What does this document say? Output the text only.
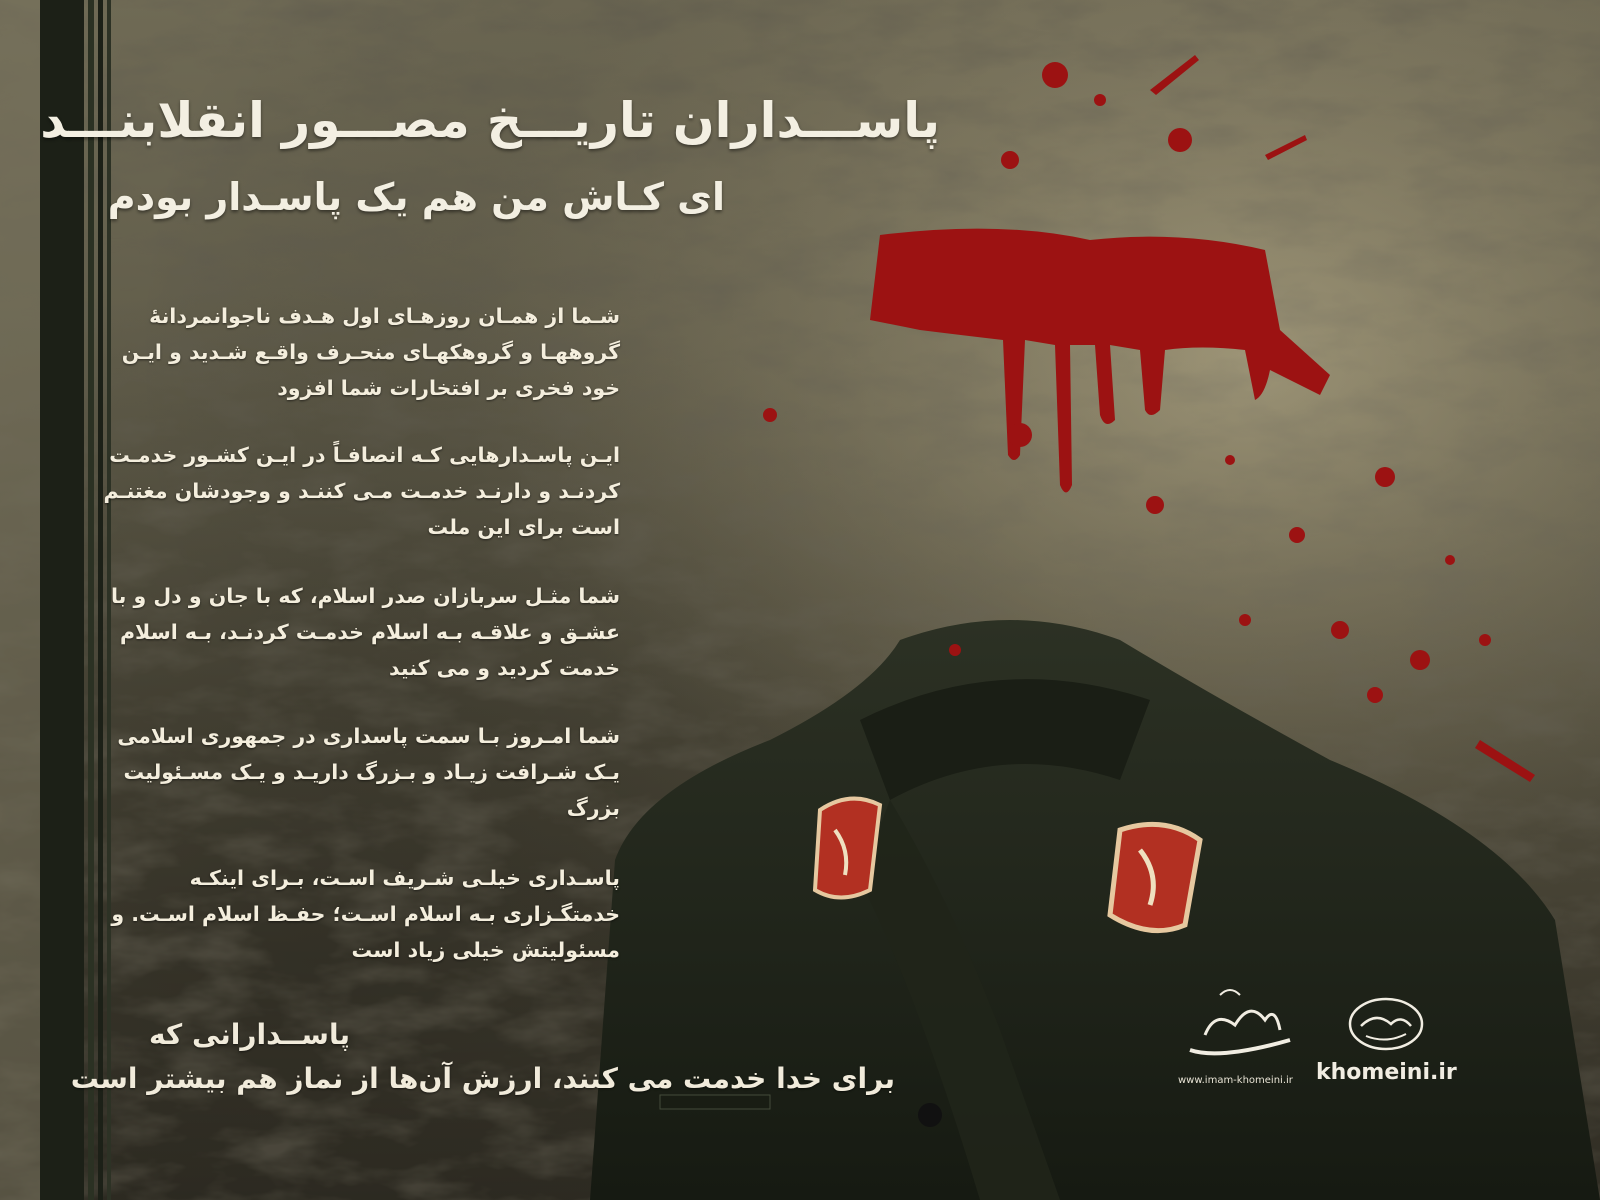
پاســـداران تاریـــخ مصـــور انقلابنـــد
ای کـاش من هم یک پاسـدار بودم
شـما از همـان روزهـای اول هـدف ناجوانمردانۀ
گروههـا و گروهکهـای منحـرف واقـع شـدید و ایـن
خود فخری بر افتخارات شما افزود
ایـن پاسـدارهایی کـه انصافـاً در ایـن کشـور خدمـت
کردنـد و دارنـد خدمـت مـی کننـد و وجودشان مغتنـم
است برای این ملت
شما مثـل سربازان صدر اسلام، که با جان و دل و با
عشـق و علاقـه بـه اسلام خدمـت کردنـد، بـه اسلام
خدمت کردید و می کنید
شما امـروز بـا سمت پاسداری در جمهوری اسلامی
یـک شـرافت زیـاد و بـزرگ داریـد و یـک مسـئولیت
بزرگ
پاسـداری خیلـی شـریف اسـت، بـرای اینکـه
خدمتگـزاری بـه اسلام اسـت؛ حفـظ اسلام اسـت. و
مسئولیتش خیلی زیاد است
پاســدارانی که
برای خدا خدمت می کنند، ارزش آن‌ها از نماز هم بیشتر است	www.imam-khomeini.ir khomeini.ir
